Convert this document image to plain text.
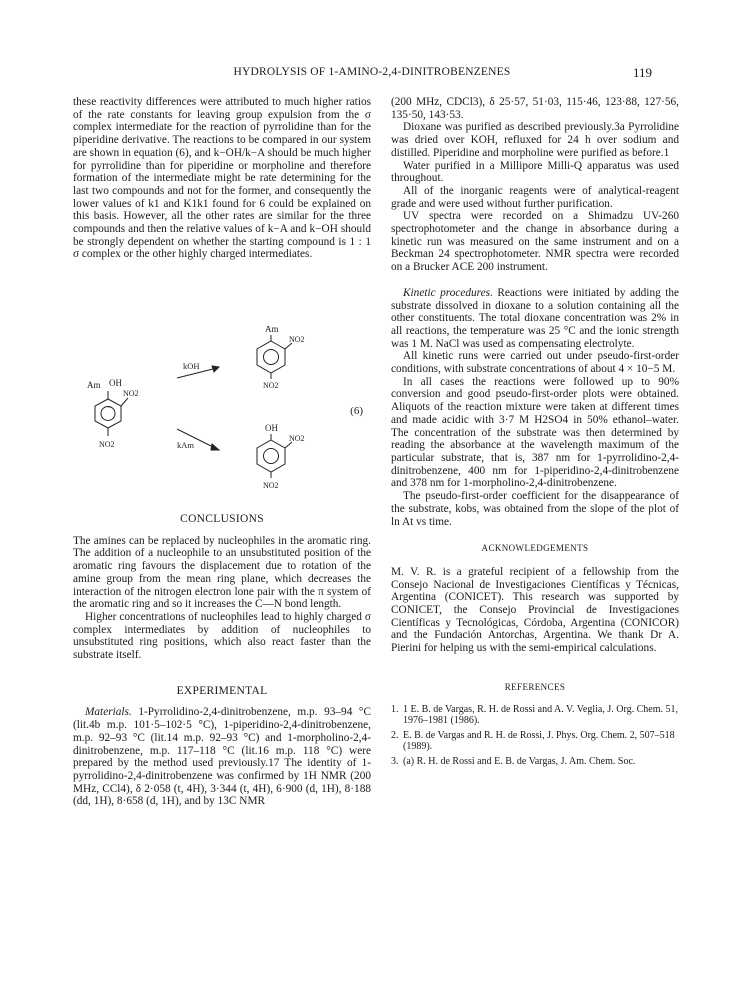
HYDROLYSIS OF 1-AMINO-2,4-DINITROBENZENES	119

these reactivity differences were attributed to much higher ratios of the rate constants for leaving group expulsion from the σ complex intermediate for the reaction of pyrrolidine than for the piperidine derivative. The reactions to be compared in our system are shown in equation (6), and k−OH/k−A should be much higher for pyrrolidine than for piperidine or morpholine and therefore formation of the intermediate might be rate determining for the last two compounds and not for the former, and consequently the lower values of k1 and K1k1 found for 6 could be explained on this basis. However, all the other rates are similar for the three compounds and then the relative values of k−A and k−OH should be strongly dependent on whether the starting compound is 1 : 1 σ complex or the other highly charged intermediates.

−
Am OH
NO2
NO2
kOH
kAm
Am
NO2
NO2
(6)
OH
NO2
NO2
CONCLUSIONS

The amines can be replaced by nucleophiles in the aromatic ring. The addition of a nucleophile to an unsubstituted position of the aromatic ring favours the displacement due to rotation of the amine group from the mean ring plane, which decreases the interaction of the nitrogen electron lone pair with the π system of the aromatic ring and so it increases the C—N bond length.

Higher concentrations of nucleophiles lead to highly charged σ complex intermediates by addition of nucleophiles to unsubstituted ring positions, which also react faster than the substrate itself.

EXPERIMENTAL

Materials. 1-Pyrrolidino-2,4-dinitrobenzene, m.p. 93–94 °C (lit.4b m.p. 101·5–102·5 °C), 1-piperidino-2,4-dinitrobenzene, m.p. 92–93 °C (lit.14 m.p. 92–93 °C) and 1-morpholino-2,4-dinitrobenzene, m.p. 117–118 °C (lit.16 m.p. 118 °C) were prepared by the method used previously.17 The identity of 1-pyrrolidino-2,4-dinitrobenzene was confirmed by 1H NMR (200 MHz, CCl4), δ 2·058 (t, 4H), 3·344 (t, 4H), 6·900 (d, 1H), 8·188 (dd, 1H), 8·658 (d, 1H), and by 13C NMR

(200 MHz, CDCl3), δ 25·57, 51·03, 115·46, 123·88, 127·56, 135·50, 143·53.

Dioxane was purified as described previously.3a Pyrrolidine was dried over KOH, refluxed for 24 h over sodium and distilled. Piperidine and morpholine were purified as before.1

Water purified in a Millipore Milli-Q apparatus was used throughout.

All of the inorganic reagents were of analytical-reagent grade and were used without further purification.

UV spectra were recorded on a Shimadzu UV-260 spectrophotometer and the change in absorbance during a kinetic run was measured on the same instrument and on a Beckman 24 spectrophotometer. NMR spectra were recorded on a Brucker ACE 200 instrument.

Kinetic procedures. Reactions were initiated by adding the substrate dissolved in dioxane to a solution containing all the other constituents. The total dioxane concentration was 2% in all reactions, the temperature was 25 °C and the ionic strength was 1 M. NaCl was used as compensating electrolyte.

All kinetic runs were carried out under pseudo-first-order conditions, with substrate concentrations of about 4 × 10−5 M.

In all cases the reactions were followed up to 90% conversion and good pseudo-first-order plots were obtained. Aliquots of the reaction mixture were taken at different times and made acidic with 3·7 M H2SO4 in 50% ethanol–water. The concentration of the substrate was then determined by reading the absorbance at the wavelength maximum of the particular substrate, that is, 387 nm for 1-pyrrolidino-2,4-dinitrobenzene, 400 nm for 1-piperidino-2,4-dinitrobenzene and 378 nm for 1-morpholino-2,4-dinitrobenzene.

The pseudo-first-order coefficient for the disappearance of the substrate, kobs, was obtained from the slope of the plot of ln At vs time.

ACKNOWLEDGEMENTS

M. V. R. is a grateful recipient of a fellowship from the Consejo Nacional de Investigaciones Científicas y Técnicas, Argentina (CONICET). This research was supported by CONICET, the Consejo Provincial de Investigaciones Científicas y Tecnológicas, Córdoba, Argentina (CONICOR) and the Fundación Antorchas, Argentina. We thank Dr A. Pierini for helping us with the semi-empirical calculations.

REFERENCES
1. 1 E. B. de Vargas, R. H. de Rossi and A. V. Veglia, J. Org. Chem. 51, 1976–1981 (1986).
2. E. B. de Vargas and R. H. de Rossi, J. Phys. Org. Chem. 2, 507–518 (1989).
3. (a) R. H. de Rossi and E. B. de Vargas, J. Am. Chem. Soc.
